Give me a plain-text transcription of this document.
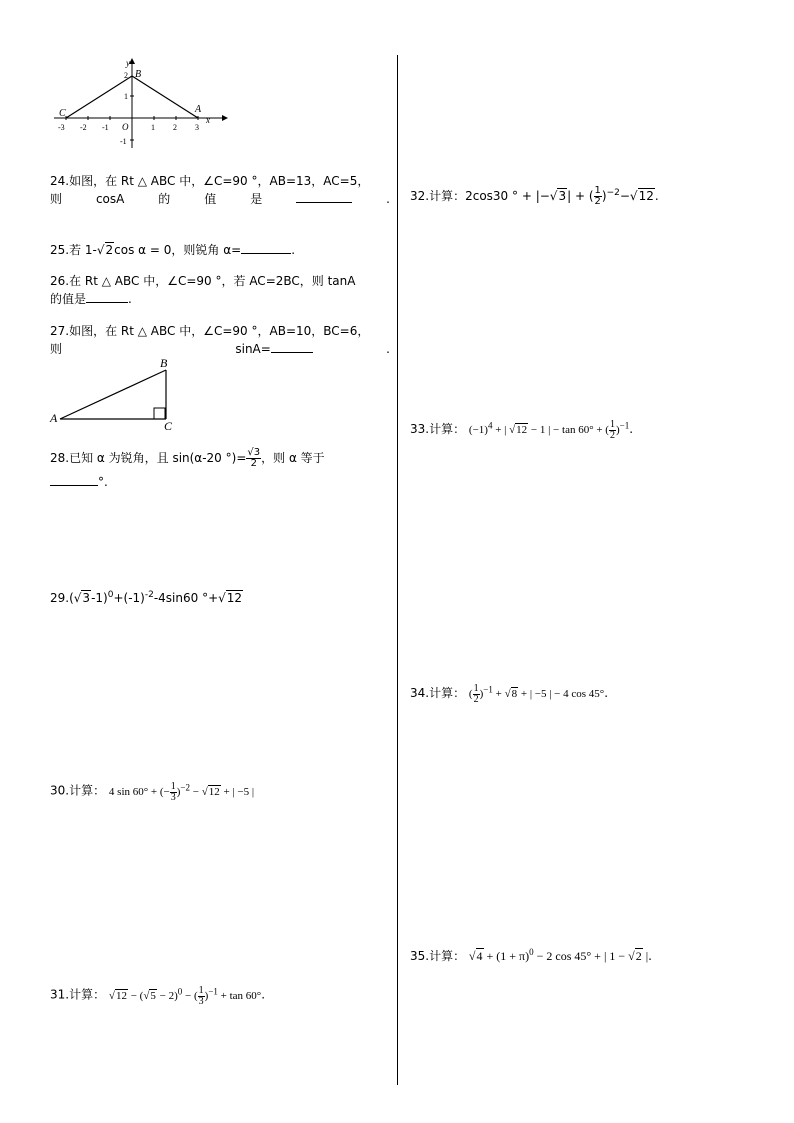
y
x
-3 -2 -1 O	1 2 3
2
1
-1
C
B
A
24.如图，在 Rt △ ABC 中，∠C=90 °，AB=13，AC=5，
则	cosA	的	值	是	.
25.若 1-√2cos α = 0，则锐角 α=	.
26.在 Rt △ ABC 中，∠C=90 °，若 AC=2BC，则 tanA
的值是	.
27.如图，在 Rt △ ABC 中，∠C=90 °，AB=10，BC=6，
则	sinA=	.
A
B
C
28.已知 α 为锐角，且 sin(α-20 °)= $\frac{√3}{2}$ ，则 α 等于
°.
$29.(√3-1)^0+(-1)^{-2}-4\sin 60$ °+√12
30.计算： 4 sin 60° + (− $\frac{1}{3} )^{-2} - √12$ + | −5 |
31.计算： $√12 - (√5 - 2)^0$ − ( $\frac{1}{3} )^{-1} + \tan 60^\circ$.
32.计算：2cos30 ° + |−√3| + ( $\frac{1}{2} )^{-2}-√12$.
33.计算： $(-1)^4$ + | √12 − 1 | − tan 60° + ( $\frac{1}{2} )^{-1}$.
34.计算： ( $\frac{1}{2} )^{-1} + √8$ + | −5 | − 4 cos 45°.
35.计算： $√4 + (1 + \pi)^0 - 2$ cos 45° + | 1 − √2 |.
